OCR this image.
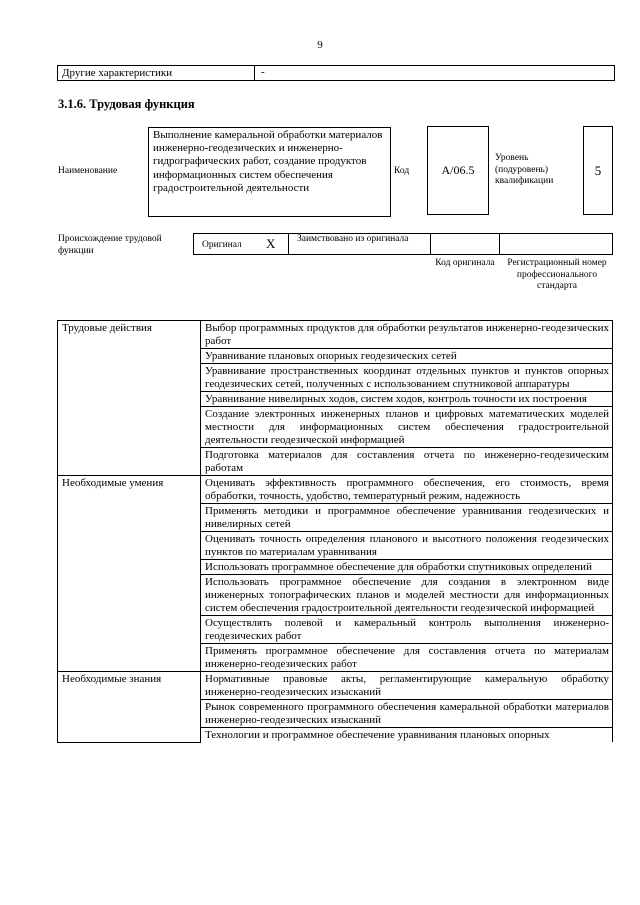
9
Другие характеристики	-
3.1.6. Трудовая функция
Наименование
Выполнение камеральной обработки материалов инженерно-геодезических и инженерно-гидрографических работ, создание продуктов информационных систем обеспечения градостроительной деятельности
Код	A/06.5
Уровень (подуровень) квалификации
5
Происхождение трудовой функции
Оригинал X Заимствовано из оригинала
Код оригинала	Регистрационный номер профессионального стандарта
Трудовые действия	Выбор программных продуктов для обработки результатов инженерно-геодезических работ
	Уравнивание плановых опорных геодезических сетей
	Уравнивание пространственных координат отдельных пунктов и пунктов опорных геодезических сетей, полученных с использованием спутниковой аппаратуры
	Уравнивание нивелирных ходов, систем ходов, контроль точности их построения
	Создание электронных инженерных планов и цифровых математических моделей местности для информационных систем обеспечения градостроительной деятельности геодезической информацией
	Подготовка материалов для составления отчета по инженерно-геодезическим работам
Необходимые умения	Оценивать эффективность программного обеспечения, его стоимость, время обработки, точность, удобство, температурный режим, надежность
	Применять методики и программное обеспечение уравнивания геодезических и нивелирных сетей
	Оценивать точность определения планового и высотного положения геодезических пунктов по материалам уравнивания
	Использовать программное обеспечение для обработки спутниковых определений
	Использовать программное обеспечение для создания в электронном виде инженерных топографических планов и моделей местности для информационных систем обеспечения градостроительной деятельности геодезической информацией
	Осуществлять полевой и камеральный контроль выполнения инженерно-геодезических работ
	Применять программное обеспечение для составления отчета по материалам инженерно-геодезических работ
Необходимые знания	Нормативные правовые акты, регламентирующие камеральную обработку инженерно-геодезических изысканий
	Рынок современного программного обеспечения камеральной обработки материалов инженерно-геодезических изысканий
	Технологии и программное обеспечение уравнивания плановых опорных
